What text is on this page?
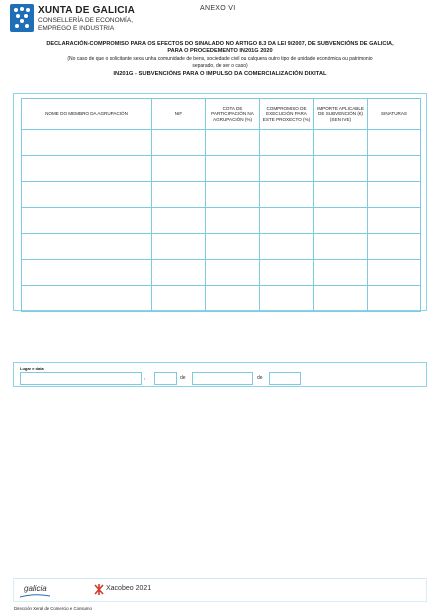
XUNTA DE GALICIA
CONSELLERÍA DE ECONOMÍA,
EMPREGO E INDUSTRIA
ANEXO VI
DECLARACIÓN-COMPROMISO PARA OS EFECTOS DO SINALADO NO ARTIGO 8.3 DA LEI 9/2007, DE SUBVENCIÓNS DE GALICIA,
PARA O PROCEDEMENTO IN201G 2020
(No caso de que o solicitante sexa unha comunidade de bens, sociedade civil ou calquera outro tipo de unidade económica ou patrimonio
separado, de ser o caso)
IN201G - SUBVENCIÓNS PARA O IMPULSO DA COMERCIALIZACIÓN DIXITAL
NOME DO MEMBRO DA AGRUPACIÓN	NIF	COTA DE PARTICIPACIÓN NA AGRUPACIÓN (%)	COMPROMISO DE EXECUCIÓN PARA ESTE PROXECTO (%)	IMPORTE APLICABLE DE SUBVENCIÓN (€) (SEN IVE)	SINATURAS

Lugar e data
,	de	de
galicia	Xacobeo 2021
Dirección Xeral de Comercio e Consumo
